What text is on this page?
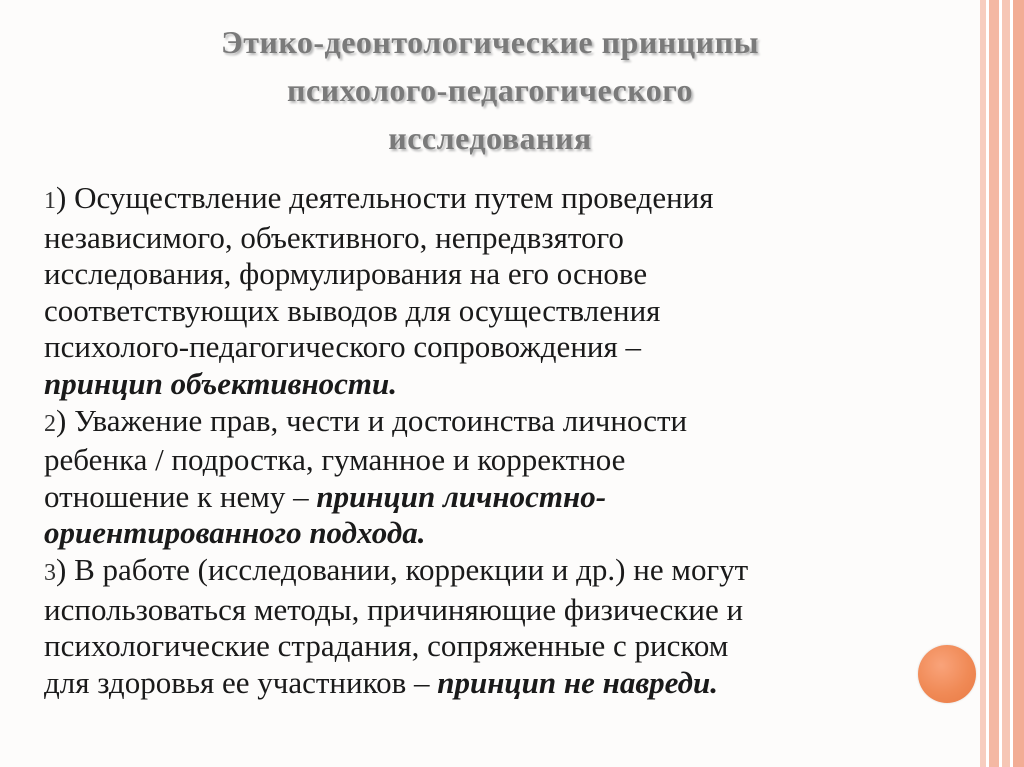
Этико-деонтологические принципы
психолого-педагогического
исследования
1) Осуществление деятельности путем проведения
независимого, объективного, непредвзятого
исследования, формулирования на его основе
соответствующих выводов для осуществления
психолого-педагогического сопровождения –
принцип объективности.
2) Уважение прав, чести и достоинства личности
ребенка / подростка, гуманное и корректное
отношение к нему – принцип личностно-
ориентированного подхода.
3) В работе (исследовании, коррекции и др.) не могут
использоваться методы, причиняющие физические и
психологические страдания, сопряженные с риском
для здоровья ее участников – принцип не навреди.
